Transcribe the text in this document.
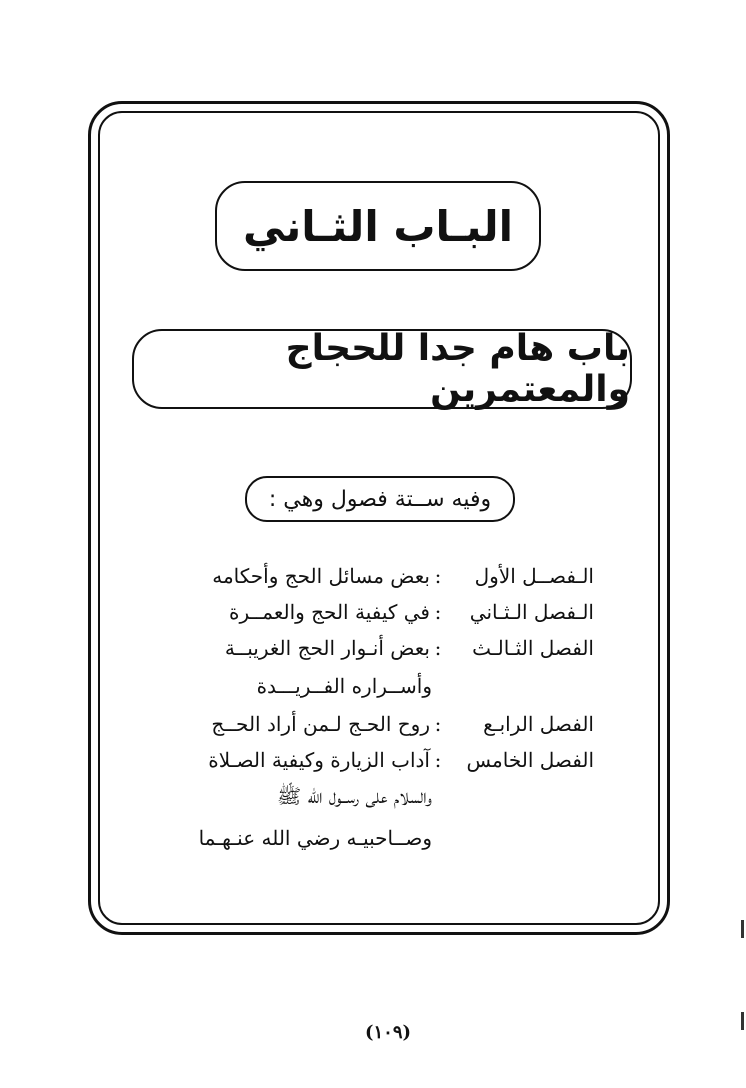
البـاب الثـاني
باب هام جدا للحجاج والمعتمرين
وفيه ســتة فصول وهي :
الـفصــل الأول
:
بعض مسائل الحج وأحكامه
الـفصل الـثـاني
:
في كيفية الحج والعمــرة
الفصل الثـالـث
:
بعض أنـوار الحج الغريبــة
وأســراره الفــريـــدة
الفصل الرابـع
:
روح الحـج لـمن أراد الحــج
الفصل الخامس
:
آداب الزيارة وكيفية الصـلاة
والسلام على رســول الله ﷺ
وصــاحبيـه رضي الله عنـهـما
(١٠٩)
